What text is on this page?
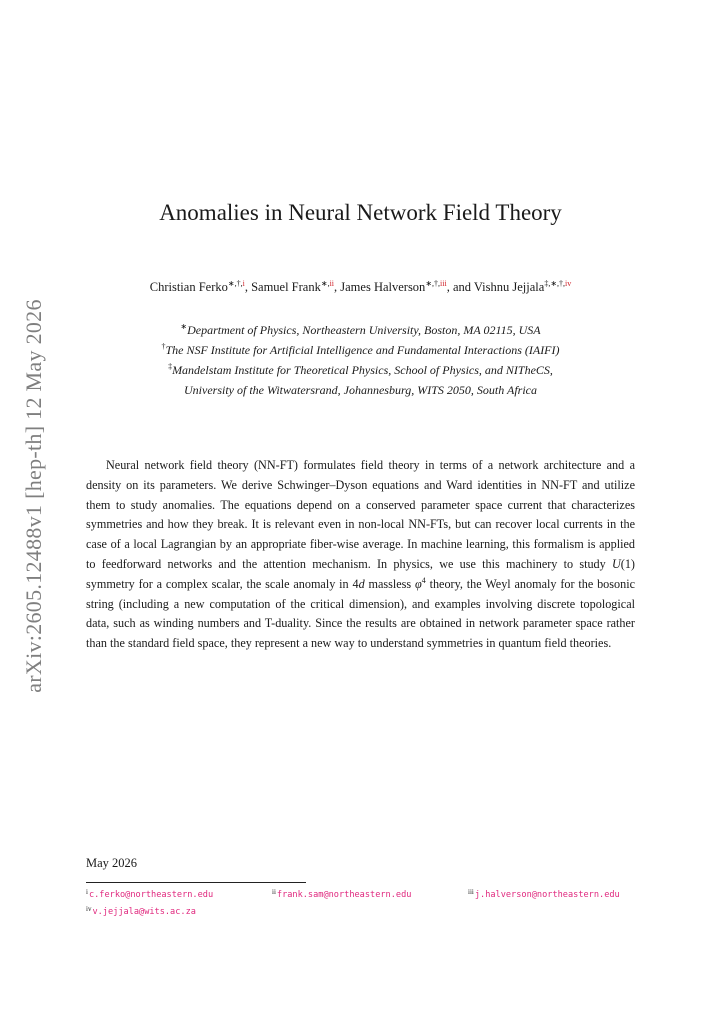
arXiv:2605.12488v1 [hep-th] 12 May 2026
Anomalies in Neural Network Field Theory
Christian Ferko$^{∗,\dagger,i}$, Samuel Frank$^{∗,ii}$, James Halverson$^{∗,\dagger,iii}$, and Vishnu Jejjala$^{\ddagger,∗,\dagger,iv}$
∗Department of Physics, Northeastern University, Boston, MA 02115, USA
†The NSF Institute for Artificial Intelligence and Fundamental Interactions (IAIFI)
‡Mandelstam Institute for Theoretical Physics, School of Physics, and NITheCS,
University of the Witwatersrand, Johannesburg, WITS 2050, South Africa

Neural network field theory (NN-FT) formulates field theory in terms of a network architecture and a density on its parameters. We derive Schwinger–Dyson equations and Ward identities in NN-FT and utilize them to study anomalies. The equations depend on a conserved parameter space current that characterizes symmetries and how they break. It is relevant even in non-local NN-FTs, but can recover local currents in the case of a local Lagrangian by an appropriate fiber-wise average. In machine learning, this formalism is applied to feedforward networks and the attention mechanism. In physics, we use this machinery to study U(1) symmetry for a complex scalar, the scale anomaly in 4d massless $\varphi^4$ theory, the Weyl anomaly for the bosonic string (including a new computation of the critical dimension), and examples involving discrete topological data, such as winding numbers and T-duality. Since the results are obtained in network parameter space rather than the standard field space, they represent a new way to understand symmetries in quantum field theories.

May 2026
$^i$c.ferko@northeastern.edu	$^{ii}$frank.sam@northeastern.edu	$^{iii}$j.halverson@northeastern.edu
$^{iv}$v.jejjala@wits.ac.za
